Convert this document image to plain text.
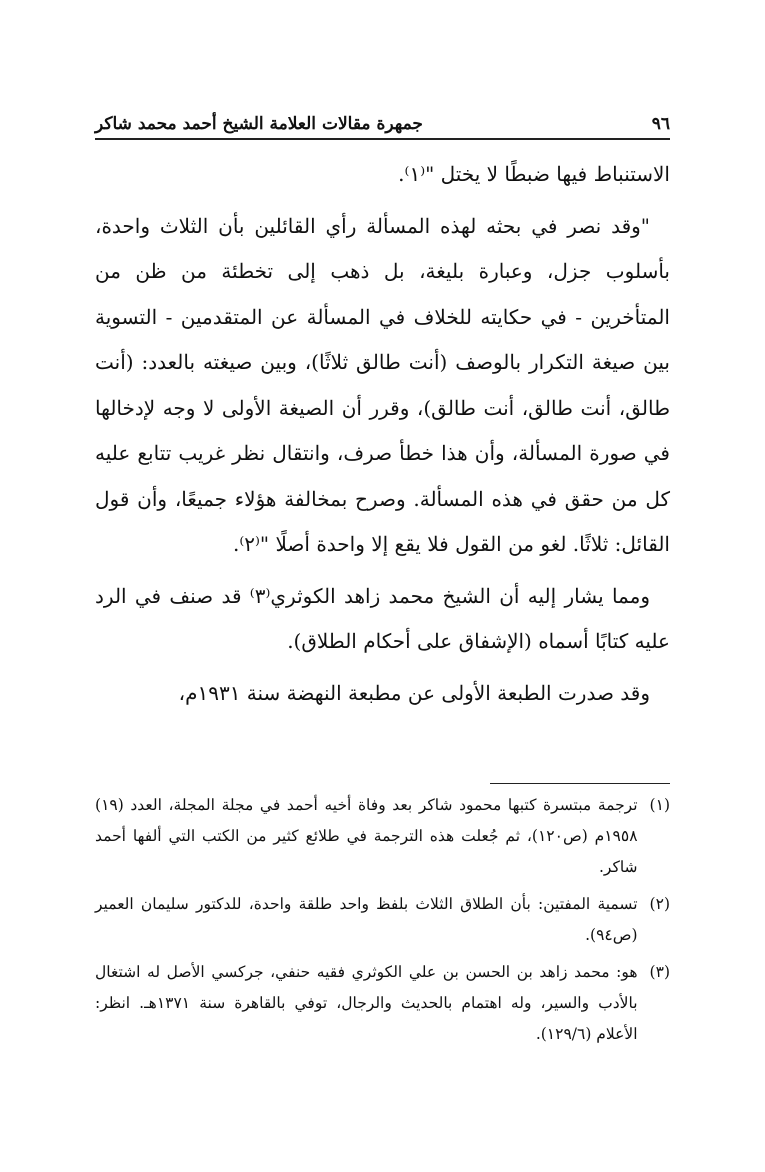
٩٦
جمهرة مقالات العلامة الشيخ أحمد محمد شاكر

الاستنباط فيها ضبطًا لا يختل "⁽١⁾.

"وقد نصر في بحثه لهذه المسألة رأي القائلين بأن الثلاث واحدة، بأسلوب جزل، وعبارة بليغة، بل ذهب إلى تخطئة من ظن من المتأخرين - في حكايته للخلاف في المسألة عن المتقدمين - التسوية بين صيغة التكرار بالوصف (أنت طالق ثلاثًا)، وبين صيغته بالعدد: (أنت طالق، أنت طالق، أنت طالق)، وقرر أن الصيغة الأولى لا وجه لإدخالها في صورة المسألة، وأن هذا خطأ صرف، وانتقال نظر غريب تتابع عليه كل من حقق في هذه المسألة. وصرح بمخالفة هؤلاء جميعًا، وأن قول القائل: ثلاثًا. لغو من القول فلا يقع إلا واحدة أصلًا "⁽٢⁾.

ومما يشار إليه أن الشيخ محمد زاهد الكوثري⁽٣⁾ قد صنف في الرد عليه كتابًا أسماه (الإشفاق على أحكام الطلاق).

وقد صدرت الطبعة الأولى عن مطبعة النهضة سنة ١٩٣١م،

(١)
ترجمة مبتسرة كتبها محمود شاكر بعد وفاة أخيه أحمد في مجلة المجلة، العدد (١٩) ١٩٥٨م (ص١٢٠)، ثم جُعلت هذه الترجمة في طلائع كثير من الكتب التي ألفها أحمد شاكر.
(٢)
تسمية المفتين: بأن الطلاق الثلاث بلفظ واحد طلقة واحدة، للدكتور سليمان العمير (ص٩٤).
(٣)
هو: محمد زاهد بن الحسن بن علي الكوثري فقيه حنفي، جركسي الأصل له اشتغال بالأدب والسير، وله اهتمام بالحديث والرجال، توفي بالقاهرة سنة ١٣٧١هـ. انظر: الأعلام (١٢٩/٦).
